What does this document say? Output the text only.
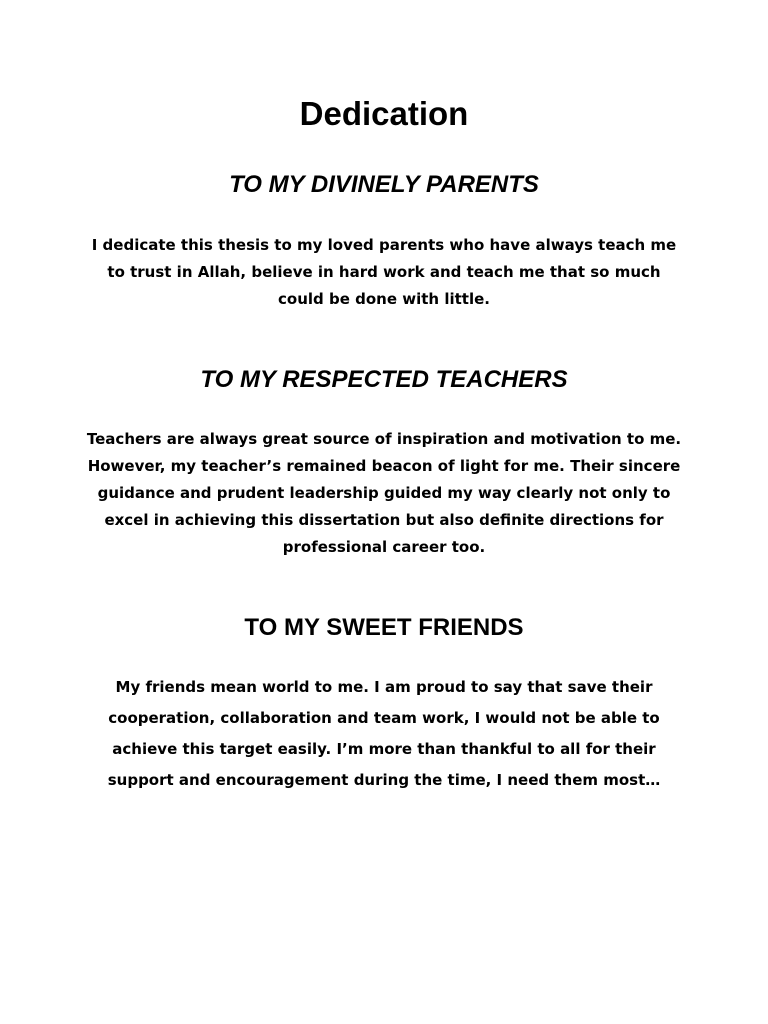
Dedication
TO MY DIVINELY PARENTS

I dedicate this thesis to my loved parents who have always teach me to trust in Allah, believe in hard work and teach me that so much could be done with little.

TO MY RESPECTED TEACHERS

Teachers are always great source of inspiration and motivation to me. However, my teacher’s remained beacon of light for me. Their sincere guidance and prudent leadership guided my way clearly not only to excel in achieving this dissertation but also definite directions for professional career too.

TO MY SWEET FRIENDS

My friends mean world to me. I am proud to say that save their cooperation, collaboration and team work, I would not be able to achieve this target easily. I’m more than thankful to all for their support and encouragement during the time, I need them most…
